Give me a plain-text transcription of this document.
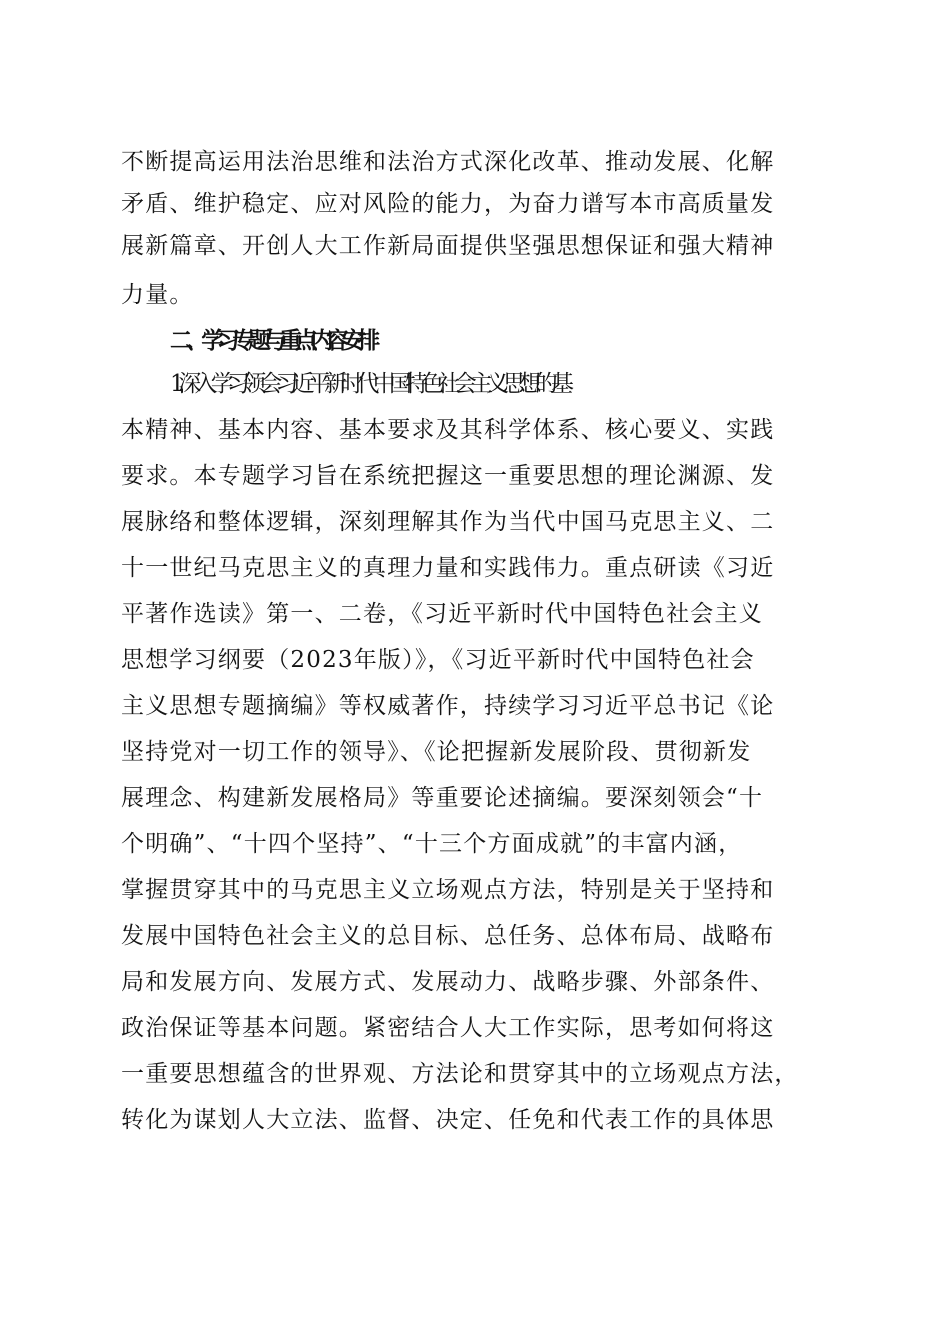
不断提高运用法治思维和法治方式深化改革、推动发展、化解
矛盾、维护稳定、应对风险的能力，为奋力谱写本市高质量发
展新篇章、开创人大工作新局面提供坚强思想保证和强大精神
力量。
二、学习专题与重点内容安排
1.深入学习领会习近平新时代中国特色社会主义思想的基
本精神、基本内容、基本要求及其科学体系、核心要义、实践
要求。本专题学习旨在系统把握这一重要思想的理论渊源、发
展脉络和整体逻辑，深刻理解其作为当代中国马克思主义、二
十一世纪马克思主义的真理力量和实践伟力。重点研读《习近
平著作选读》第一、二卷，《习近平新时代中国特色社会主义
思想学习纲要（2023年版）》，《习近平新时代中国特色社会
主义思想专题摘编》等权威著作，持续学习习近平总书记《论
坚持党对一切工作的领导》、《论把握新发展阶段、贯彻新发
展理念、构建新发展格局》等重要论述摘编。要深刻领会“十
个明确”、“十四个坚持”、“十三个方面成就”的丰富内涵，
掌握贯穿其中的马克思主义立场观点方法，特别是关于坚持和
发展中国特色社会主义的总目标、总任务、总体布局、战略布
局和发展方向、发展方式、发展动力、战略步骤、外部条件、
政治保证等基本问题。紧密结合人大工作实际，思考如何将这
一重要思想蕴含的世界观、方法论和贯穿其中的立场观点方法，
转化为谋划人大立法、监督、决定、任免和代表工作的具体思
